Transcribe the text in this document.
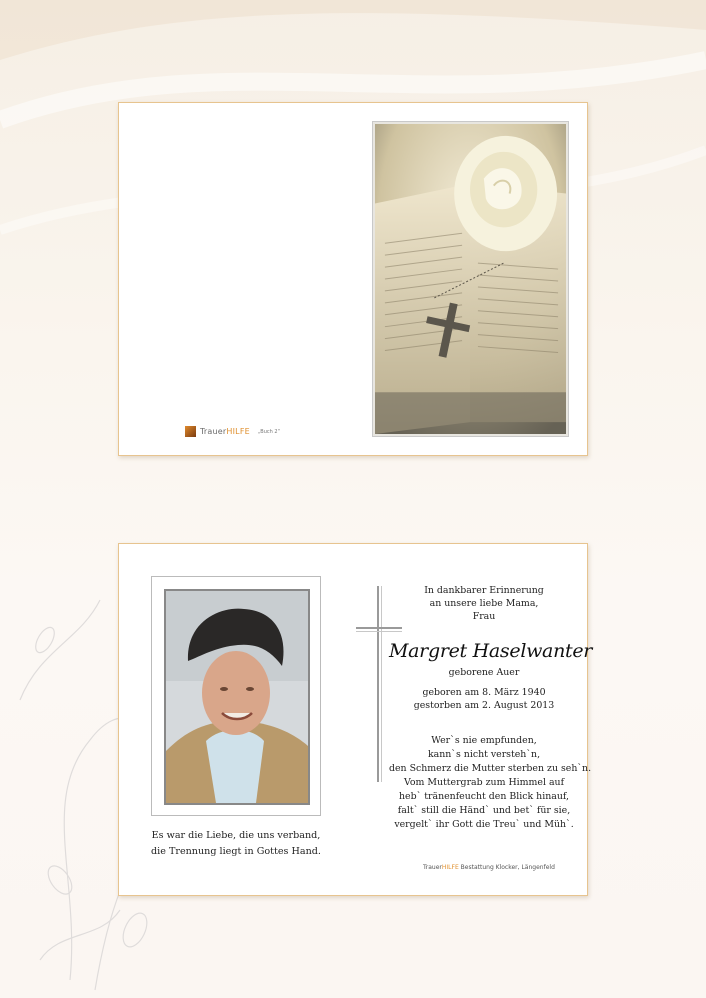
Trauer HILFE „Buch 2“
Es war die Liebe, die uns verband,
die Trennung liegt in Gottes Hand.
In dankbarer Erinnerung
an unsere liebe Mama,
Frau
Margret Haselwanter
geborene Auer
geboren am 8. März 1940
gestorben am 2. August 2013
Wer`s nie empfunden,
kann`s nicht versteh`n,
den Schmerz die Mutter sterben zu seh`n.
Vom Muttergrab zum Himmel auf
heb` tränenfeucht den Blick hinauf,
falt` still die Händ` und bet` für sie,
vergelt` ihr Gott die Treu` und Müh`.
TrauerHILFE Bestattung Klocker, Längenfeld
